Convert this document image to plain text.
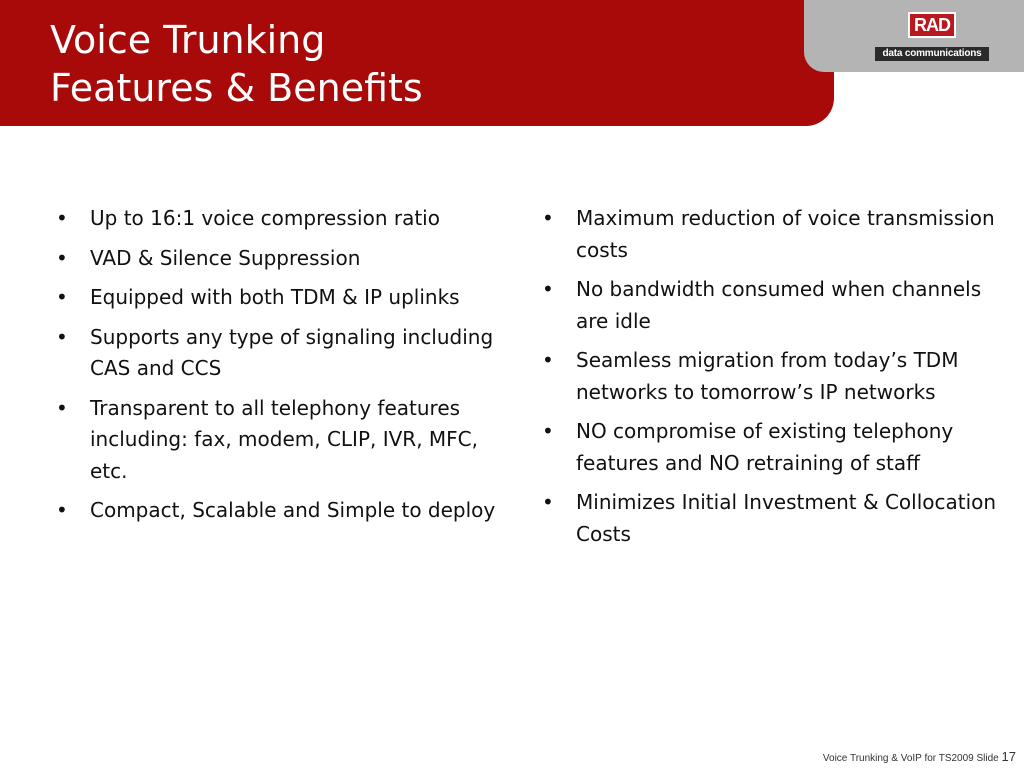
Voice Trunking
Features & Benefits
RAD
data communications
•	Up to 16:1 voice compression ratio
•	VAD & Silence Suppression
•	Equipped with both TDM & IP uplinks
•	Supports any type of signaling including CAS and CCS
•	Transparent to all telephony features including: fax, modem, CLIP, IVR, MFC, etc.
•	Compact, Scalable and Simple to deploy
•	Maximum reduction of voice transmission costs
•	No bandwidth consumed when channels are idle
•	Seamless migration from today’s TDM networks to tomorrow’s IP networks
•	NO compromise of existing telephony features and NO retraining of staff
•	Minimizes Initial Investment & Collocation Costs
Voice Trunking & VoIP for TS2009 Slide 17
